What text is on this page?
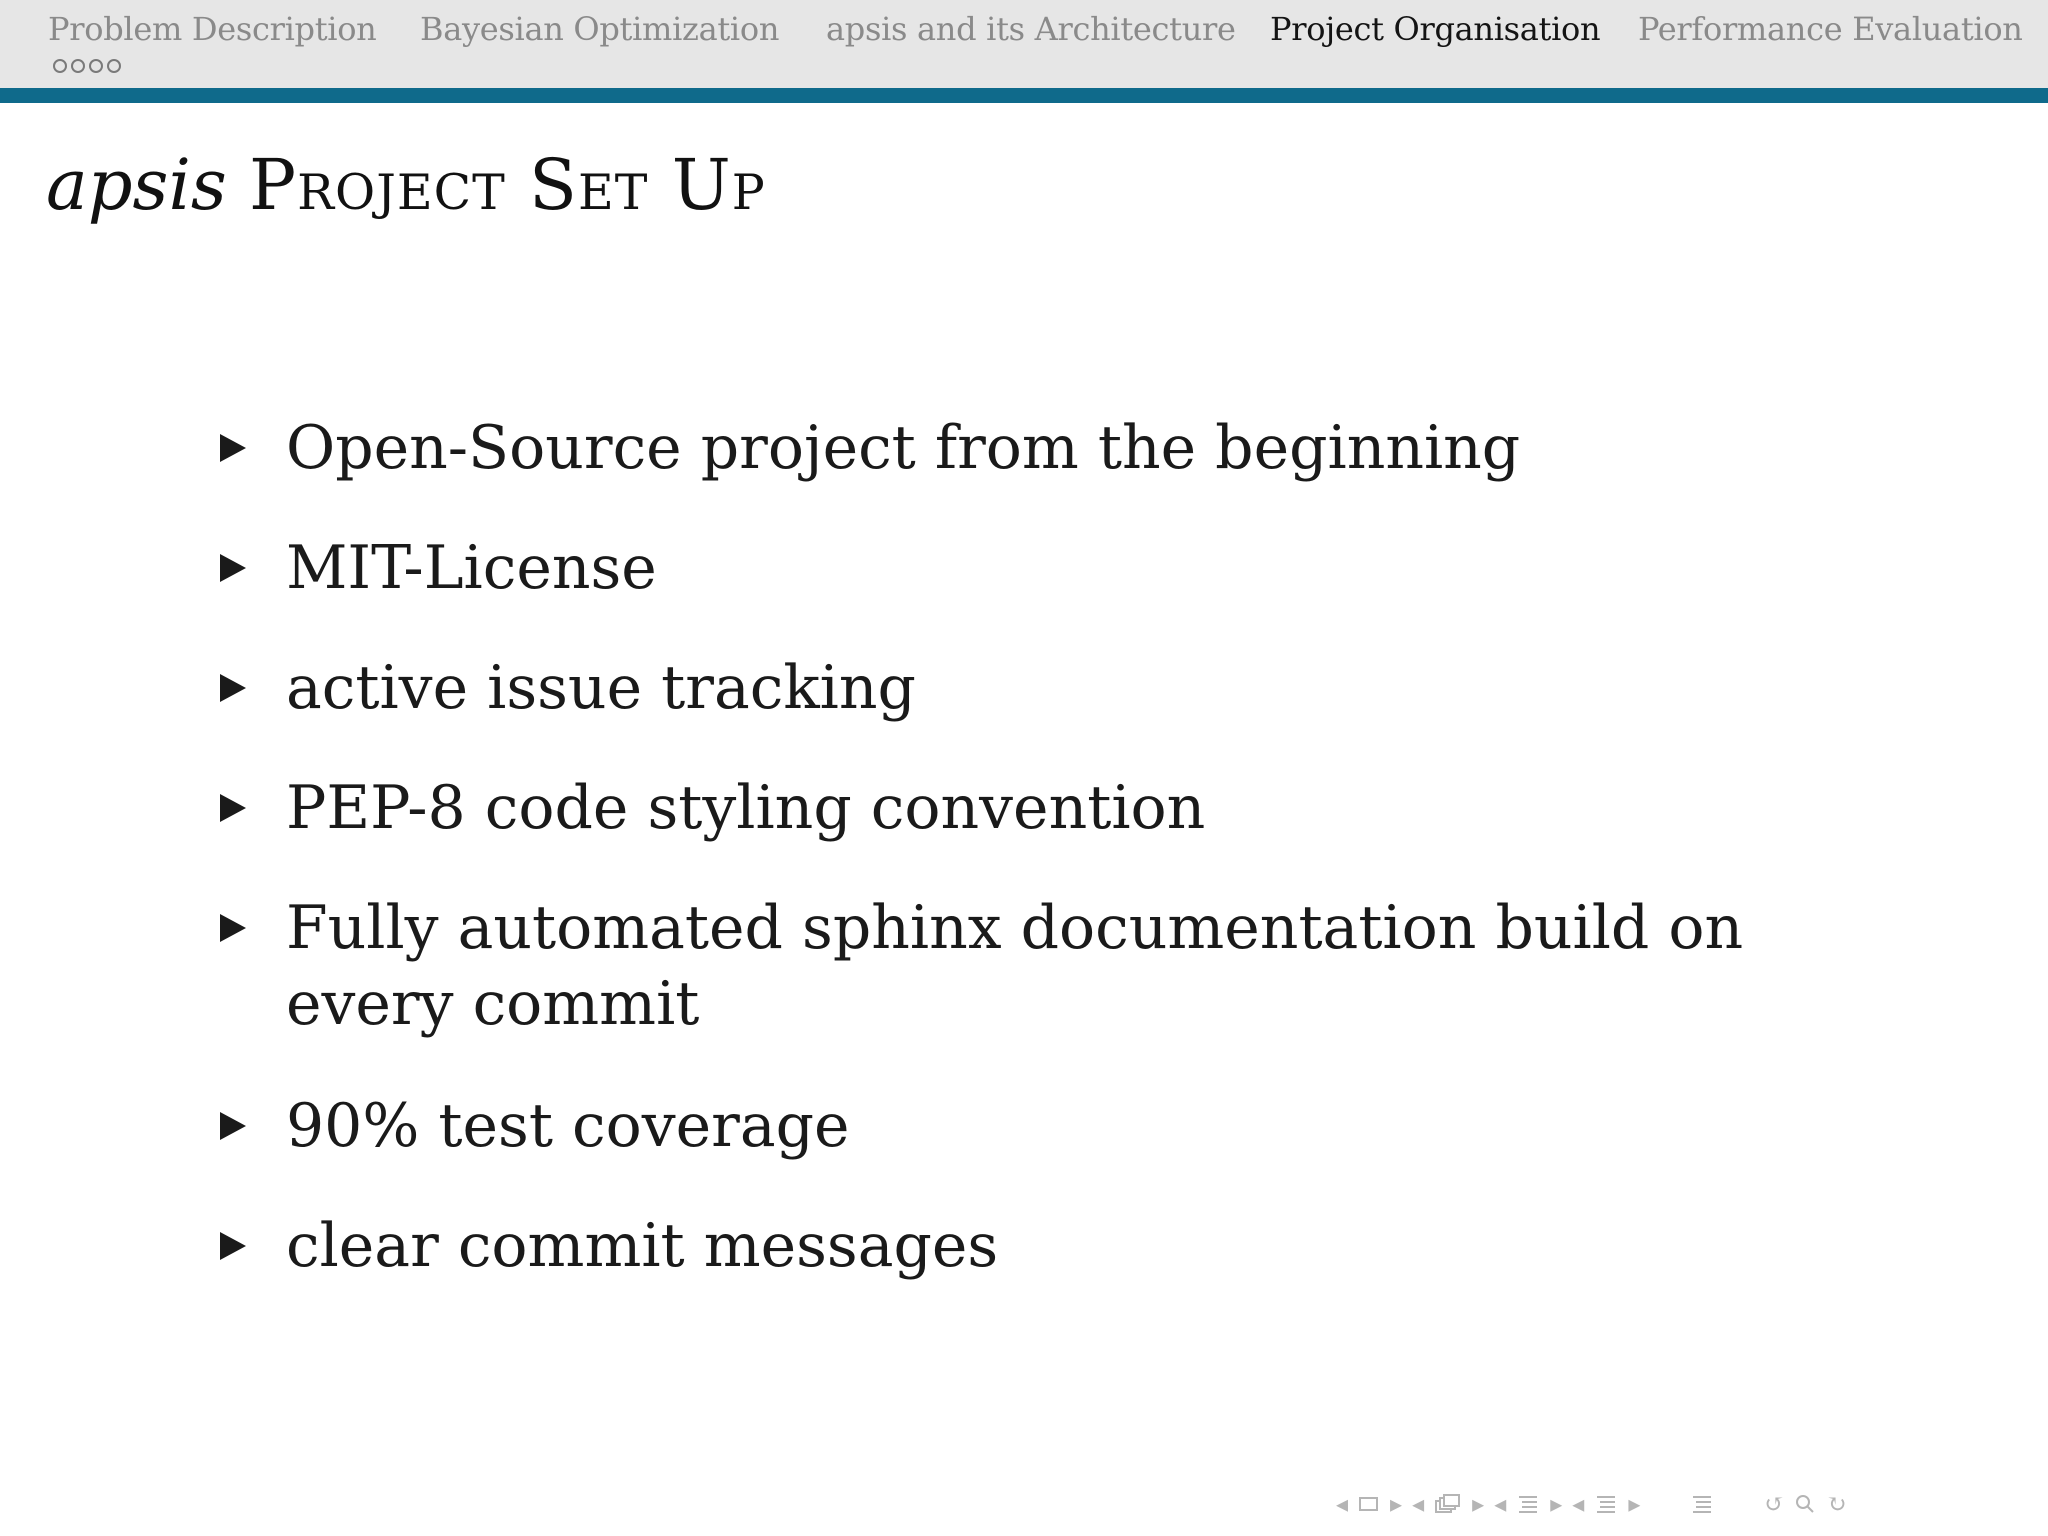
Problem Description Bayesian Optimization apsis and its Architecture Project Organisation Performance Evaluation
apsis Project Set Up
Open-Source project from the beginning
MIT-License
active issue tracking
PEP-8 code styling convention
Fully automated sphinx documentation build on every commit
90% test coverage
clear commit messages
◂ ▸ ◂ ▸ ◂ ▸ ◂ ▸	↺ ↻
